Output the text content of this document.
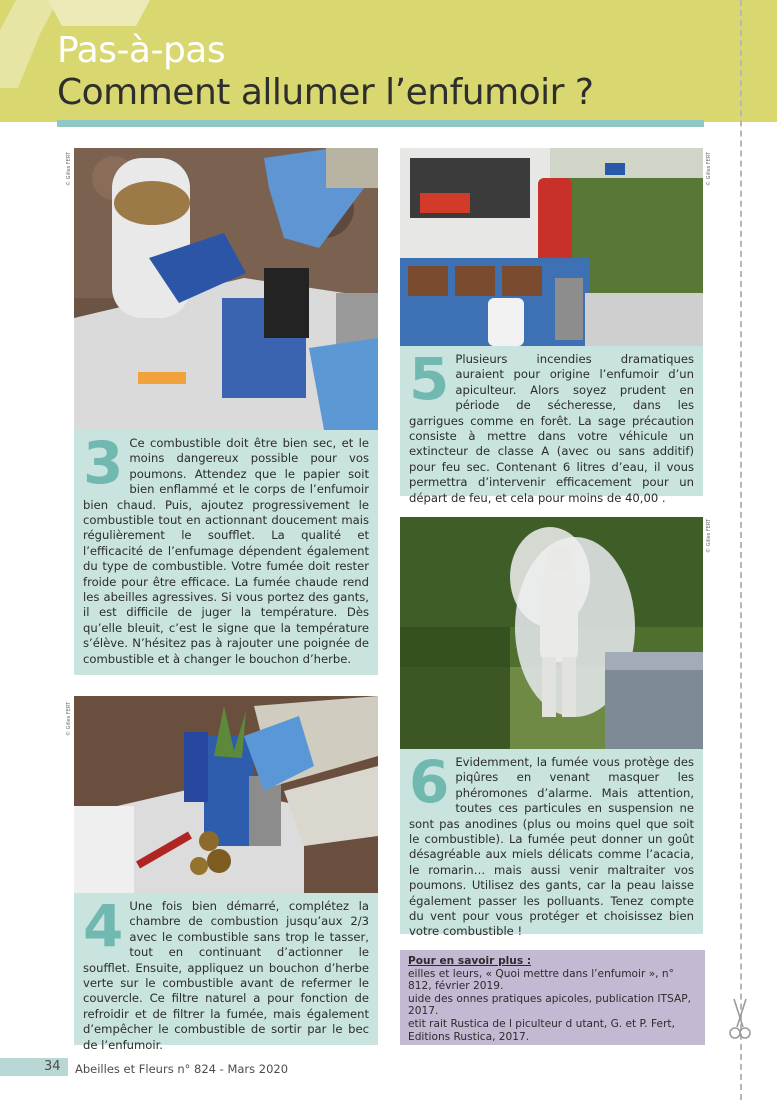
Pas-à-pas
Comment allumer l’enfumoir ?
© Gilles FERT
3 Ce combustible doit être bien sec, et le moins dangereux possible pour vos poumons. Attendez que le papier soit bien enflammé et le corps de l’enfumoir bien chaud. Puis, ajoutez progressivement le combustible tout en actionnant doucement mais régulièrement le soufflet. La qualité et l’efficacité de l’enfumage dépendent également du type de combustible. Votre fumée doit rester froide pour être efficace. La fumée chaude rend les abeilles agressives. Si vous portez des gants, il est difficile de juger la température. Dès qu’elle bleuit, c’est le signe que la température s’élève. N’hésitez pas à rajouter une poignée de combustible et à changer le bouchon d’herbe.
© Gilles FERT
4 Une fois bien démarré, complétez la chambre de combustion jusqu’aux 2/3 avec le combustible sans trop le tasser, tout en continuant d’actionner le soufflet. Ensuite, appliquez un bouchon d’herbe verte sur le combustible avant de refermer le couvercle. Ce filtre naturel a pour fonction de refroidir et de filtrer la fumée, mais également d’empêcher le combustible de sortir par le bec de l’enfumoir.
© Gilles FERT
5 Plusieurs incendies dramatiques auraient pour origine l’enfumoir d’un apiculteur. Alors soyez prudent en période de sécheresse, dans les garrigues comme en forêt. La sage précaution consiste à mettre dans votre véhicule un extincteur de classe A (avec ou sans additif) pour feu sec. Contenant 6 litres d’eau, il vous permettra d’intervenir efficacement pour un départ de feu, et cela pour moins de 40,00 .
© Gilles FERT
6 Evidemment, la fumée vous protège des piqûres en venant masquer les phéromones d’alarme. Mais attention, toutes ces particules en suspension ne sont pas anodines (plus ou moins quel que soit le combustible). La fumée peut donner un goût désagréable aux miels délicats comme l’acacia, le romarin… mais aussi venir maltraiter vos poumons. Utilisez des gants, car la peau laisse également passer les polluants. Tenez compte du vent pour vous protéger et choisissez bien votre combustible !

Pour en savoir plus :

eilles et leurs, « Quoi mettre dans l’enfumoir », n° 812, février 2019.

uide des onnes pratiques apicoles, publication ITSAP, 2017.

etit rait Rustica de l piculteur d utant, G. et P. Fert, Editions Rustica, 2017.

34 Abeilles et Fleurs n° 824 - Mars 2020
